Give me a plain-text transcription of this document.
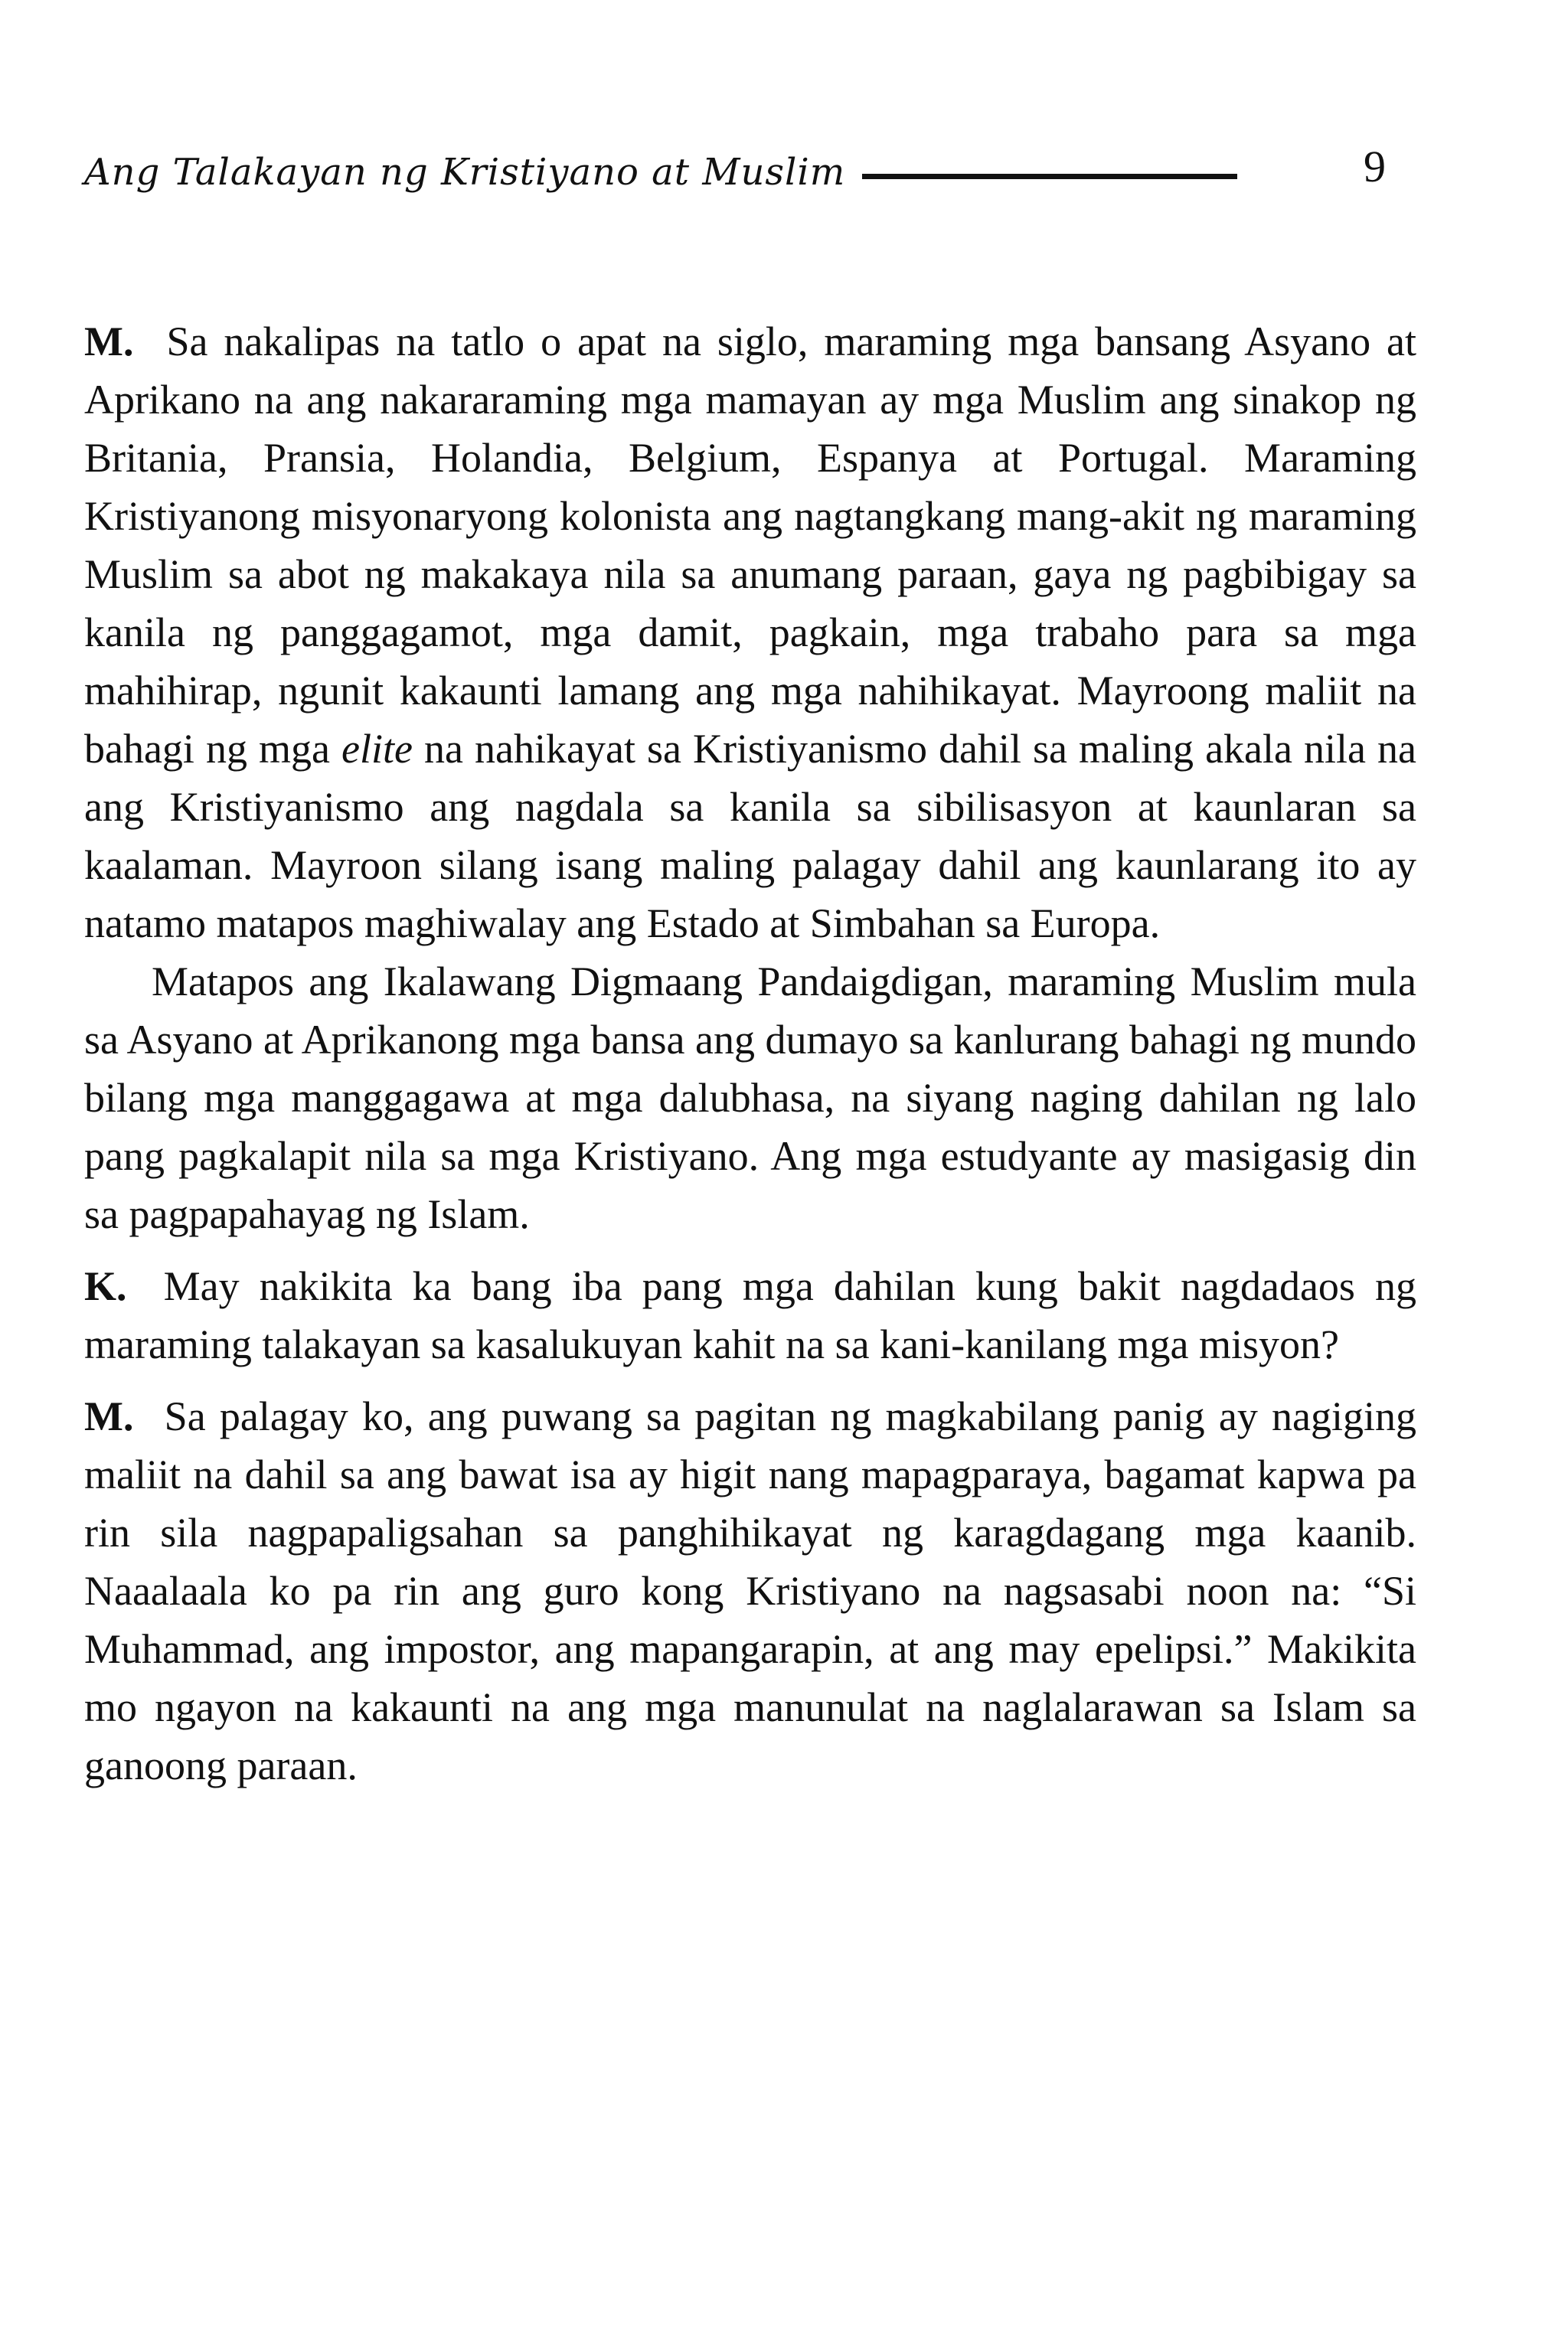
Ang Talakayan ng Kristiyano at Muslim	9

M. Sa nakalipas na tatlo o apat na siglo, maraming mga bansang Asyano at Aprikano na ang nakararaming mga mamayan ay mga Muslim ang sinakop ng Britania, Pransia, Holandia, Belgium, Espanya at Portugal. Maraming Kristiyanong misyonaryong kolonista ang nagtangkang mang-akit ng maraming Muslim sa abot ng makakaya nila sa anumang paraan, gaya ng pagbibigay sa kanila ng panggagamot, mga damit, pagkain, mga trabaho para sa mga mahihirap, ngunit kakaunti lamang ang mga nahihikayat. Mayroong maliit na bahagi ng mga elite na nahikayat sa Kristiyanismo dahil sa maling akala nila na ang Kristiyanismo ang nagdala sa kanila sa sibilisasyon at kaunlaran sa kaalaman. Mayroon silang isang maling palagay dahil ang kaunlarang ito ay natamo matapos maghiwalay ang Estado at Simbahan sa Europa.

Matapos ang Ikalawang Digmaang Pandaigdigan, maraming Muslim mula sa Asyano at Aprikanong mga bansa ang dumayo sa kanlurang bahagi ng mundo bilang mga manggagawa at mga dalubhasa, na siyang naging dahilan ng lalo pang pagkalapit nila sa mga Kristiyano. Ang mga estudyante ay masigasig din sa pagpapahayag ng Islam.

K. May nakikita ka bang iba pang mga dahilan kung bakit nagdadaos ng maraming talakayan sa kasalukuyan kahit na sa kani-kanilang mga misyon?

M. Sa palagay ko, ang puwang sa pagitan ng magkabilang panig ay nagiging maliit na dahil sa ang bawat isa ay higit nang mapagparaya, bagamat kapwa pa rin sila nagpapaligsahan sa panghihikayat ng karagdagang mga kaanib. Naaalaala ko pa rin ang guro kong Kristiyano na nagsasabi noon na: “Si Muhammad, ang impostor, ang mapangarapin, at ang may epelipsi.” Makikita mo ngayon na kakaunti na ang mga manunulat na naglalarawan sa Islam sa ganoong paraan.
